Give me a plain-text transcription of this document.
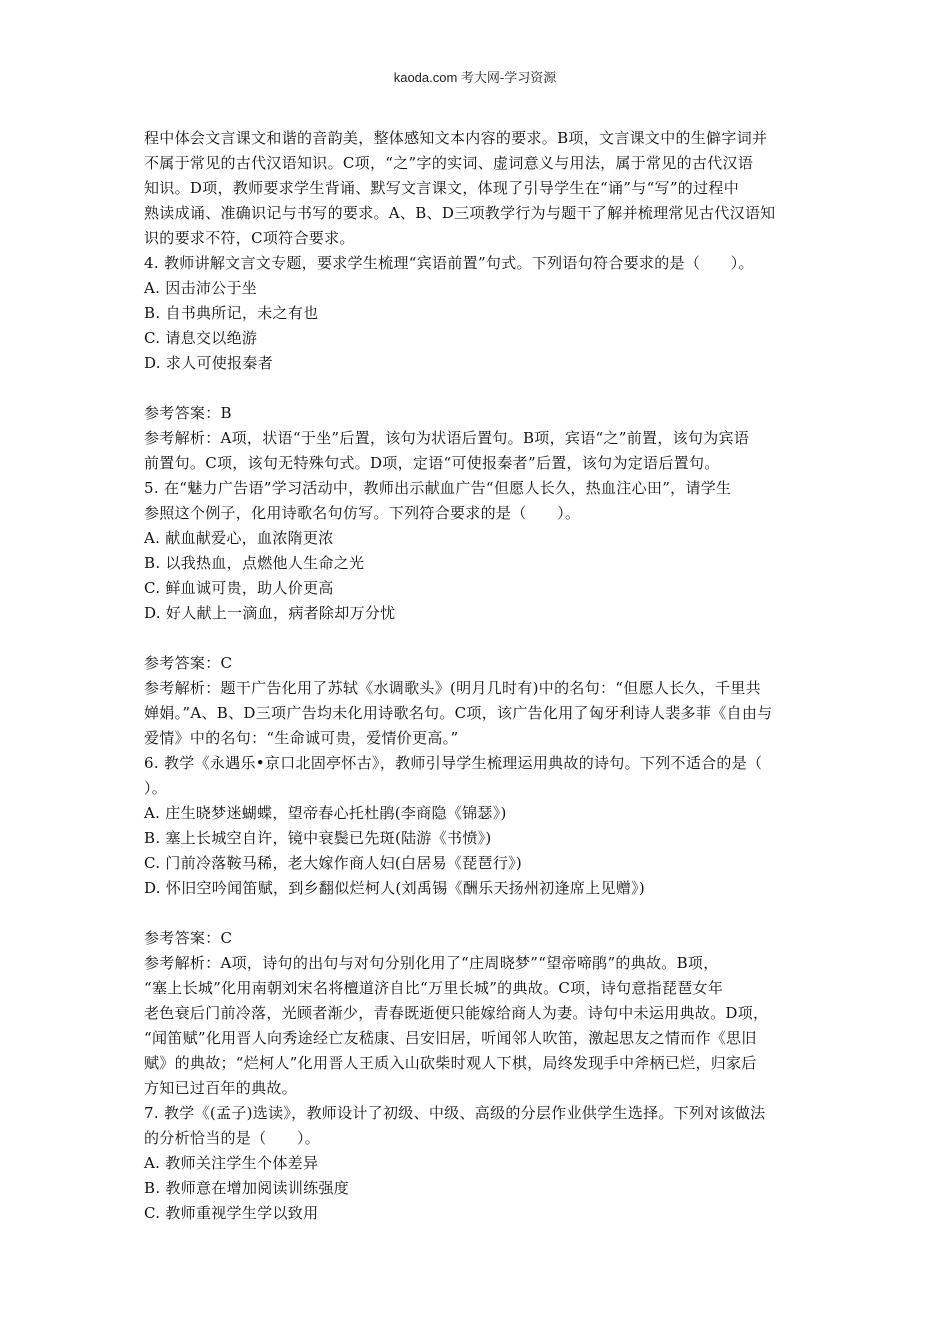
kaoda.com 考大网-学习资源
程中体会文言课文和谐的音韵美，整体感知文本内容的要求。B项，文言课文中的生僻字词并
不属于常见的古代汉语知识。C项，“之”字的实词、虚词意义与用法，属于常见的古代汉语
知识。D项，教师要求学生背诵、默写文言课文，体现了引导学生在“诵”与“写”的过程中
熟读成诵、准确识记与书写的要求。A、B、D三项教学行为与题干了解并梳理常见古代汉语知
识的要求不符，C项符合要求。
4. 教师讲解文言文专题，要求学生梳理“宾语前置”句式。下列语句符合要求的是（　　）。
A. 因击沛公于坐
B. 自书典所记，未之有也
C. 请息交以绝游
D. 求人可使报秦者
参考答案：B
参考解析：A项，状语“于坐”后置，该句为状语后置句。B项，宾语“之”前置，该句为宾语
前置句。C项，该句无特殊句式。D项，定语“可使报秦者”后置，该句为定语后置句。
5. 在“魅力广告语”学习活动中，教师出示献血广告“但愿人长久，热血注心田”，请学生
参照这个例子，化用诗歌名句仿写。下列符合要求的是（　　）。
A. 献血献爱心，血浓隋更浓
B. 以我热血，点燃他人生命之光
C. 鲜血诚可贵，助人价更高
D. 好人献上一滴血，病者除却万分忧
参考答案：C
参考解析：题干广告化用了苏轼《水调歌头》(明月几时有)中的名句：“但愿人长久，千里共
婵娟。”A、B、D三项广告均未化用诗歌名句。C项，该广告化用了匈牙利诗人裴多菲《自由与
爱情》中的名句：“生命诚可贵，爱情价更高。”
6. 教学《永遇乐•京口北固亭怀古》，教师引导学生梳理运用典故的诗句。下列不适合的是（
）。
A. 庄生晓梦迷蝴蝶，望帝春心托杜鹃(李商隐《锦瑟》)
B. 塞上长城空自许，镜中衰鬓已先斑(陆游《书愤》)
C. 门前冷落鞍马稀，老大嫁作商人妇(白居易《琵琶行》)
D. 怀旧空吟闻笛赋，到乡翻似烂柯人(刘禹锡《酬乐天扬州初逢席上见赠》)
参考答案：C
参考解析：A项，诗句的出句与对句分别化用了“庄周晓梦”“望帝啼鹃”的典故。B项，
“塞上长城”化用南朝刘宋名将檀道济自比“万里长城”的典故。C项，诗句意指琵琶女年
老色衰后门前冷落，光顾者渐少，青春既逝便只能嫁给商人为妻。诗句中未运用典故。D项，
“闻笛赋”化用晋人向秀途经亡友嵇康、吕安旧居，听闻邻人吹笛，激起思友之情而作《思旧
赋》的典故；“烂柯人”化用晋人王质入山砍柴时观人下棋，局终发现手中斧柄已烂，归家后
方知已过百年的典故。
7. 教学《(孟子)选读》，教师设计了初级、中级、高级的分层作业供学生选择。下列对该做法
的分析恰当的是（　　）。
A. 教师关注学生个体差异
B. 教师意在增加阅读训练强度
C. 教师重视学生学以致用
